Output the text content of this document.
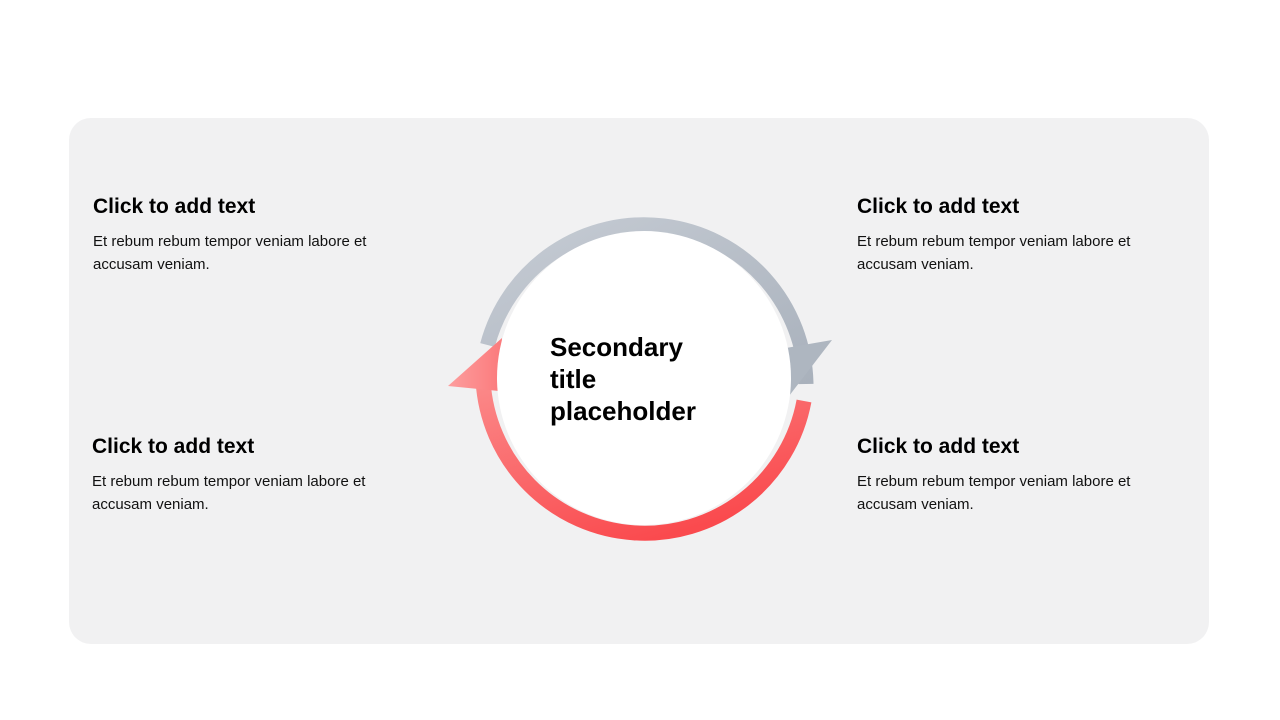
Click to add text

Et rebum rebum tempor veniam labore et accusam veniam.

Click to add text

Et rebum rebum tempor veniam labore et accusam veniam.

Click to add text

Et rebum rebum tempor veniam labore et accusam veniam.

Click to add text

Et rebum rebum tempor veniam labore et accusam veniam.

Secondary
title
placeholder
